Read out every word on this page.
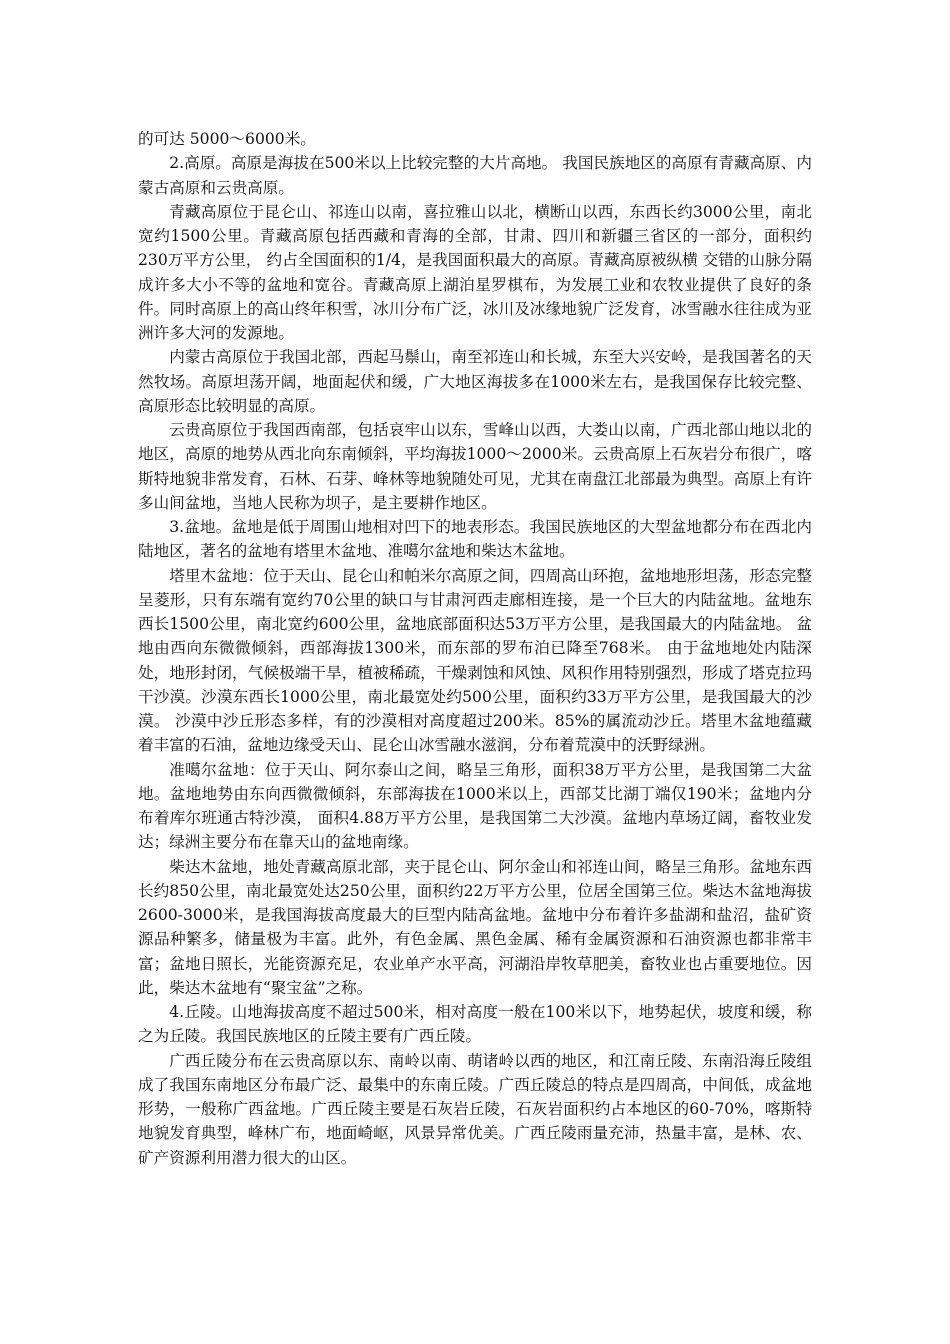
的可达 5000～6000米。

2.高原。高原是海拔在500米以上比较完整的大片高地。 我国民族地区的高原有青藏高原、内蒙古高原和云贵高原。

青藏高原位于昆仑山、祁连山以南，喜拉雅山以北，横断山以西，东西长约3000公里，南北宽约1500公里。青藏高原包括西藏和青海的全部，甘肃、四川和新疆三省区的一部分，面积约230万平方公里， 约占全国面积的1/4，是我国面积最大的高原。青藏高原被纵横 交错的山脉分隔成许多大小不等的盆地和宽谷。青藏高原上湖泊星罗棋布，为发展工业和农牧业提供了良好的条件。同时高原上的高山终年积雪，冰川分布广泛，冰川及冰缘地貌广泛发育，冰雪融水往往成为亚洲许多大河的发源地。

内蒙古高原位于我国北部，西起马鬃山，南至祁连山和长城，东至大兴安岭，是我国著名的天然牧场。高原坦荡开阔，地面起伏和缓，广大地区海拔多在1000米左右，是我国保存比较完整、高原形态比较明显的高原。

云贵高原位于我国西南部，包括哀牢山以东，雪峰山以西，大娄山以南，广西北部山地以北的地区，高原的地势从西北向东南倾斜，平均海拔1000～2000米。云贵高原上石灰岩分布很广，喀斯特地貌非常发育，石林、石芽、峰林等地貌随处可见，尤其在南盘江北部最为典型。高原上有许多山间盆地，当地人民称为坝子，是主要耕作地区。

3.盆地。盆地是低于周围山地相对凹下的地表形态。我国民族地区的大型盆地都分布在西北内陆地区，著名的盆地有塔里木盆地、准噶尔盆地和柴达木盆地。

塔里木盆地：位于天山、昆仑山和帕米尔高原之间，四周高山环抱，盆地地形坦荡，形态完整呈菱形，只有东端有宽约70公里的缺口与甘肃河西走廊相连接，是一个巨大的内陆盆地。盆地东西长1500公里，南北宽约600公里，盆地底部面积达53万平方公里，是我国最大的内陆盆地。 盆地由西向东微微倾斜，西部海拔1300米，而东部的罗布泊已降至768米。 由于盆地地处内陆深处，地形封闭，气候极端干旱，植被稀疏，干燥剥蚀和风蚀、风积作用特别强烈，形成了塔克拉玛干沙漠。沙漠东西长1000公里，南北最宽处约500公里，面积约33万平方公里，是我国最大的沙漠。 沙漠中沙丘形态多样，有的沙漠相对高度超过200米。85%的属流动沙丘。塔里木盆地蕴藏着丰富的石油，盆地边缘受天山、昆仑山冰雪融水滋润，分布着荒漠中的沃野绿洲。

准噶尔盆地：位于天山、阿尔泰山之间，略呈三角形，面积38万平方公里，是我国第二大盆地。盆地地势由东向西微微倾斜，东部海拔在1000米以上，西部艾比湖丁端仅190米；盆地内分布着库尔班通古特沙漠， 面积4.88万平方公里，是我国第二大沙漠。盆地内草场辽阔，畜牧业发达；绿洲主要分布在靠天山的盆地南缘。

柴达木盆地，地处青藏高原北部，夹于昆仑山、阿尔金山和祁连山间，略呈三角形。盆地东西长约850公里，南北最宽处达250公里，面积约22万平方公里，位居全国第三位。柴达木盆地海拔2600-3000米，是我国海拔高度最大的巨型内陆高盆地。盆地中分布着许多盐湖和盐沼，盐矿资源品种繁多，储量极为丰富。此外，有色金属、黑色金属、稀有金属资源和石油资源也都非常丰富；盆地日照长，光能资源充足，农业单产水平高，河湖沿岸牧草肥美，畜牧业也占重要地位。因此，柴达木盆地有“聚宝盆”之称。

4.丘陵。山地海拔高度不超过500米，相对高度一般在100米以下，地势起伏，坡度和缓，称之为丘陵。我国民族地区的丘陵主要有广西丘陵。

广西丘陵分布在云贵高原以东、南岭以南、萌诸岭以西的地区，和江南丘陵、东南沿海丘陵组成了我国东南地区分布最广泛、最集中的东南丘陵。广西丘陵总的特点是四周高，中间低，成盆地形势，一般称广西盆地。广西丘陵主要是石灰岩丘陵，石灰岩面积约占本地区的60-70%，喀斯特地貌发育典型，峰林广布，地面崎岖，风景异常优美。广西丘陵雨量充沛，热量丰富，是林、农、矿产资源利用潜力很大的山区。
